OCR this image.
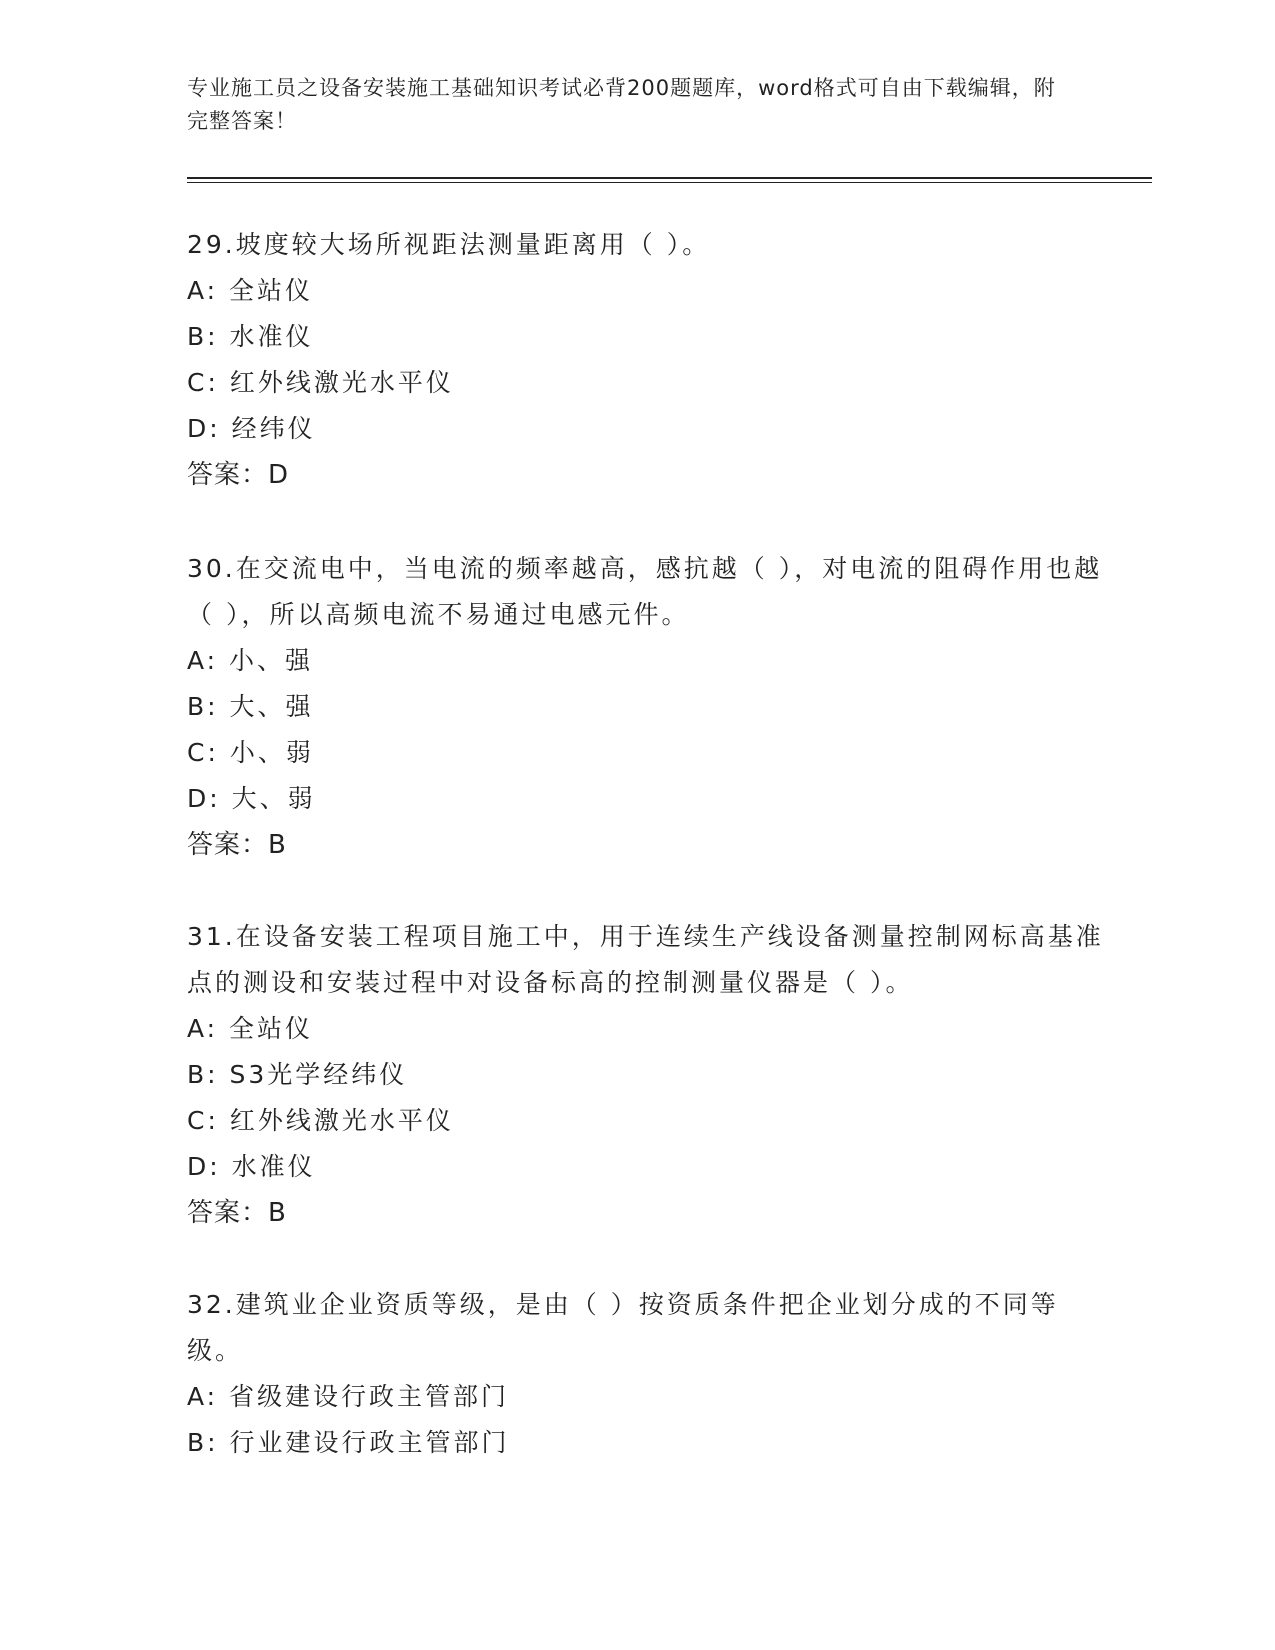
专业施工员之设备安装施工基础知识考试必背200题题库，word格式可自由下载编辑，附完整答案！
29.坡度较大场所视距法测量距离用（ ）。
A: 全站仪
B: 水准仪
C: 红外线激光水平仪
D: 经纬仪
答案：D
30.在交流电中，当电流的频率越高，感抗越（ ），对电流的阻碍作用也越（ ），所以高频电流不易通过电感元件。
A: 小、强
B: 大、强
C: 小、弱
D: 大、弱
答案：B
31.在设备安装工程项目施工中，用于连续生产线设备测量控制网标高基准点的测设和安装过程中对设备标高的控制测量仪器是（ ）。
A: 全站仪
B: S3光学经纬仪
C: 红外线激光水平仪
D: 水准仪
答案：B
32.建筑业企业资质等级，是由（ ）按资质条件把企业划分成的不同等级。
A: 省级建设行政主管部门
B: 行业建设行政主管部门
